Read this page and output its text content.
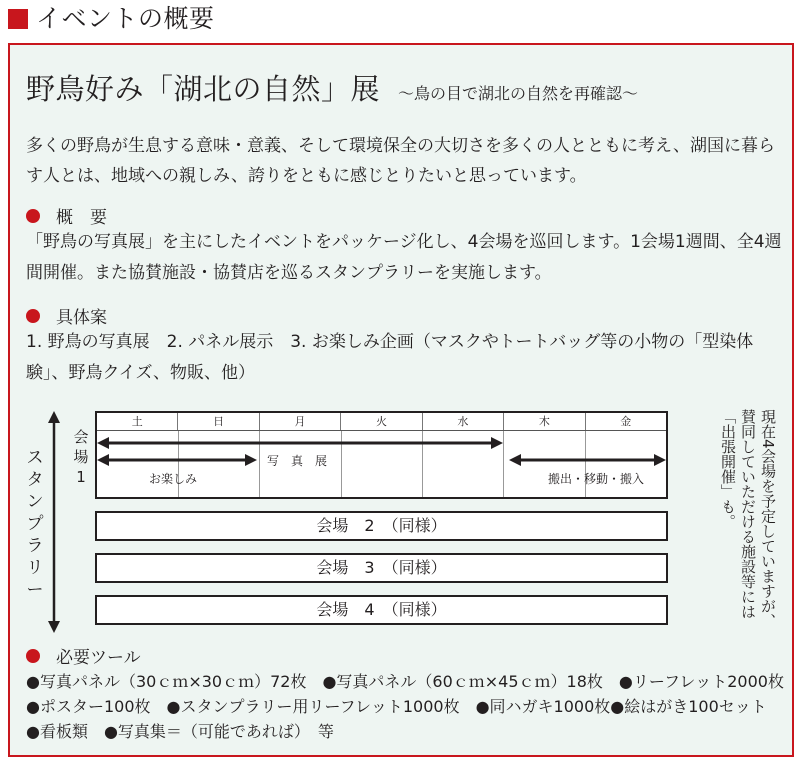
イベントの概要
野鳥好み「湖北の自然」展 〜鳥の目で湖北の自然を再確認〜
多くの野鳥が生息する意味・意義、そして環境保全の大切さを多くの人とともに考え、湖国に暮らす人とは、地域への親しみ、誇りをともに感じとりたいと思っています。
概　要
「野鳥の写真展」を主にしたイベントをパッケージ化し、4会場を巡回します。1会場1週間、全4週間開催。また協賛施設・協賛店を巡るスタンプラリーを実施します。
具体案
1. 野鳥の写真展　2. パネル展示　3. お楽しみ企画（マスクやトートバッグ等の小物の「型染体験」、野鳥クイズ、物販、他）
スタンプラリー
会場1
土	日	月	火	水	木	金
写　真　展
お楽しみ	搬出・移動・搬入
会場　2　（同様）
会場　3　（同様）
会場　4　（同様）	現在4会場を予定していますが、賛同していただける施設等には「出張開催」も。
必要ツール
●写真パネル（30ｃｍ×30ｃｍ）72枚　●写真パネル（60ｃｍ×45ｃｍ）18枚　●リーフレット2000枚　●ポスター100枚　●スタンプラリー用リーフレット1000枚　●同ハガキ1000枚●絵はがき100セット　●看板類　●写真集＝（可能であれば）　等
